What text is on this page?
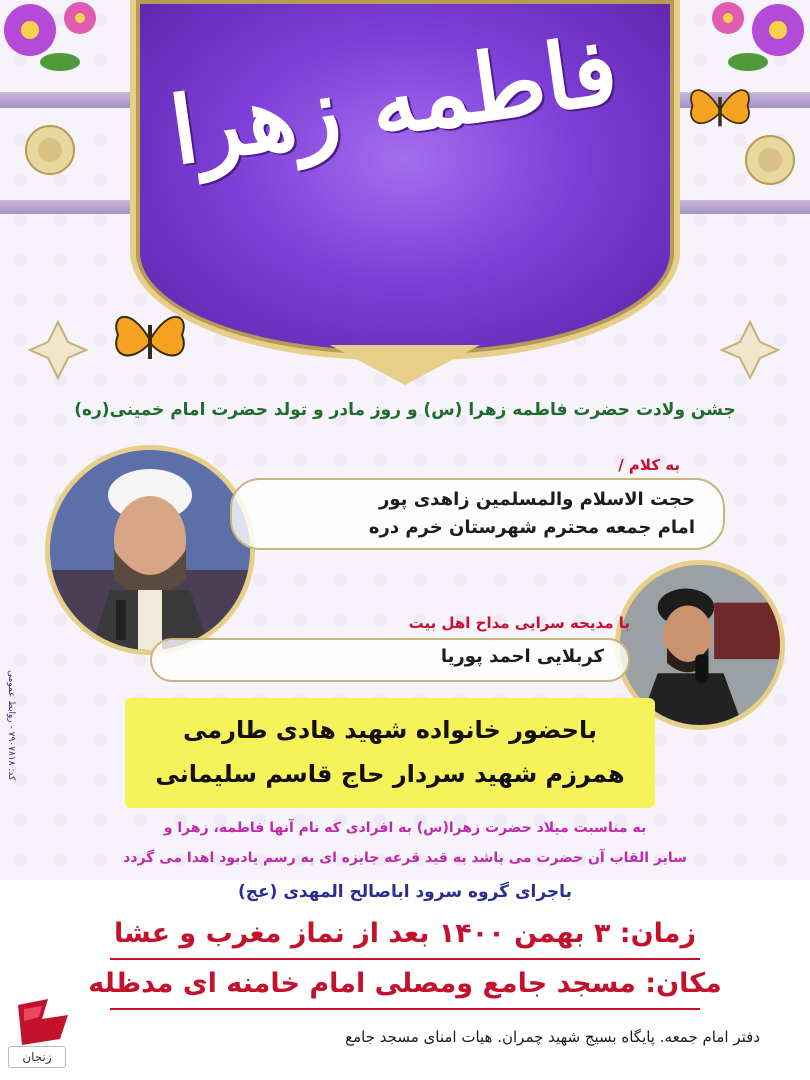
فاطمه زهرا
جشن ولادت حضرت فاطمه زهرا (س) و روز مادر و تولد حضرت امام خمینی(ره)
به کلام /
حجت الاسلام والمسلمین زاهدی پور
امام جمعه محترم شهرستان خرم دره
با مدیحه سرایی مداح اهل بیت
کربلایی احمد پوریا
باحضور خانواده شهید هادی طارمی
همرزم شهید سردار حاج قاسم سلیمانی
کد: ۷۹۰۷۸۱۸ - روابط عمومی
به مناسبت میلاد حضرت زهرا(س) به افرادی که نام آنها فاطمه، زهرا و
سایر القاب آن حضرت می باشد به قید قرعه جایزه ای به رسم یادبود اهدا می گردد
باجرای گروه سرود اباصالح المهدی (عج)
زمان: ۳ بهمن ۱۴۰۰ بعد از نماز مغرب و عشا
مکان: مسجد جامع ومصلی امام خامنه ای مدظله
دفتر امام جمعه. پایگاه بسیج شهید چمران. هیات امنای مسجد جامع
زنجان
